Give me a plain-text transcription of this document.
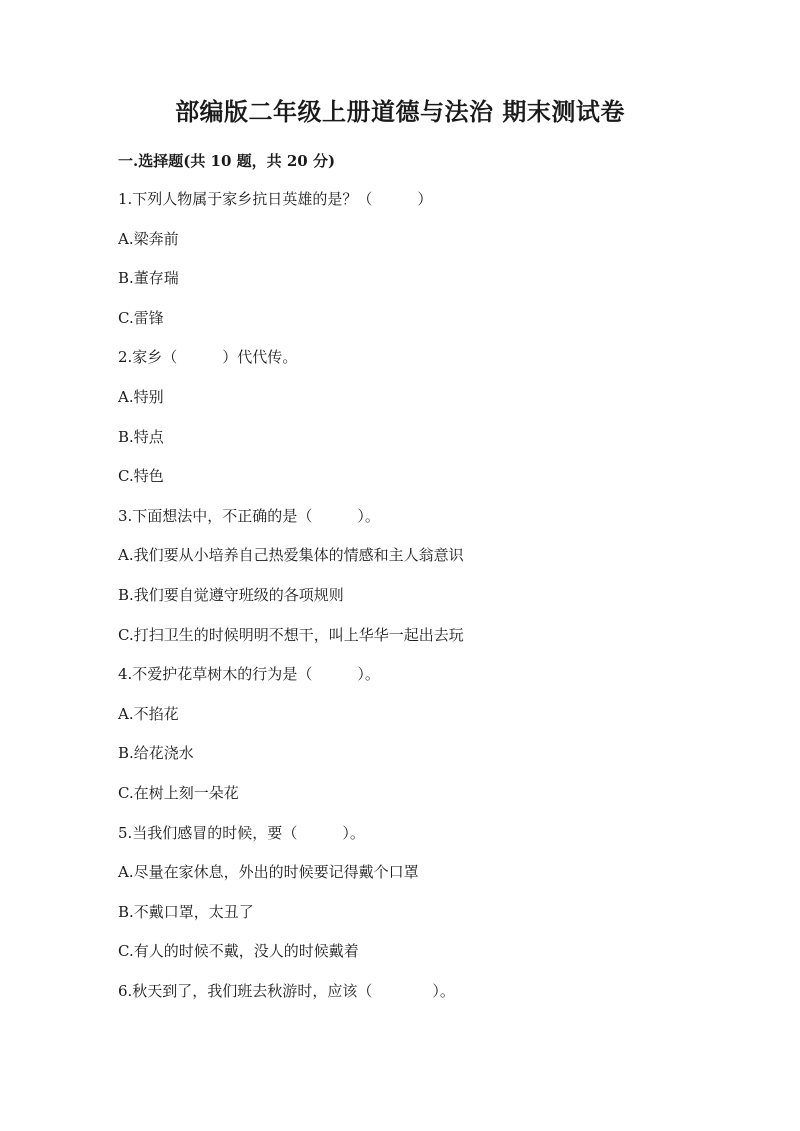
部编版二年级上册道德与法治 期末测试卷
一.选择题(共 10 题，共 20 分)
1.下列人物属于家乡抗日英雄的是？（　　　）
A.梁奔前
B.董存瑞
C.雷锋
2.家乡（　　　）代代传。
A.特别
B.特点
C.特色
3.下面想法中，不正确的是（　　　）。
A.我们要从小培养自己热爱集体的情感和主人翁意识
B.我们要自觉遵守班级的各项规则
C.打扫卫生的时候明明不想干，叫上华华一起出去玩
4.不爱护花草树木的行为是（　　　）。
A.不掐花
B.给花浇水
C.在树上刻一朵花
5.当我们感冒的时候，要（　　　）。
A.尽量在家休息，外出的时候要记得戴个口罩
B.不戴口罩，太丑了
C.有人的时候不戴，没人的时候戴着
6.秋天到了，我们班去秋游时，应该（　　　　）。
